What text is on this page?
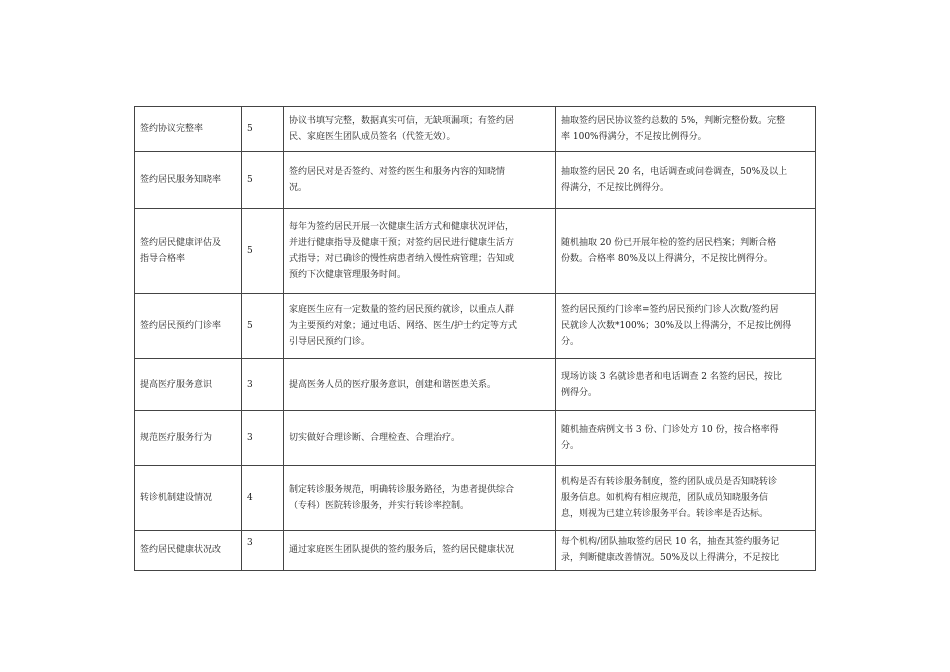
签约协议完整率	5	协议书填写完整，数据真实可信，无缺项漏项；有签约居
民、家庭医生团队成员签名（代签无效）。	抽取签约居民协议签约总数的 5%，判断完整份数。完整
率 100%得满分，不足按比例得分。

签约居民服务知晓率	5	签约居民对是否签约、对签约医生和服务内容的知晓情
况。	抽取签约居民 20 名，电话调查或问卷调查，50%及以上
得满分，不足按比例得分。

签约居民健康评估及
指导合格率	5	每年为签约居民开展一次健康生活方式和健康状况评估，
并进行健康指导及健康干预；对签约居民进行健康生活方
式指导；对已确诊的慢性病患者纳入慢性病管理；告知或
预约下次健康管理服务时间。	随机抽取 20 份已开展年检的签约居民档案；判断合格
份数。合格率 80%及以上得满分，不足按比例得分。

签约居民预约门诊率	5	家庭医生应有一定数量的签约居民预约就诊，以重点人群
为主要预约对象；通过电话、网络、医生/护士约定等方式
引导居民预约门诊。	签约居民预约门诊率=签约居民预约门诊人次数/签约居
民就诊人次数*100%；30%及以上得满分，不足按比例得
分。

提高医疗服务意识	3	提高医务人员的医疗服务意识，创建和谐医患关系。	现场访谈 3 名就诊患者和电话调查 2 名签约居民，按比
例得分。

规范医疗服务行为	3	切实做好合理诊断、合理检查、合理治疗。	随机抽查病例文书 3 份、门诊处方 10 份，按合格率得
分。

转诊机制建设情况	4	制定转诊服务规范，明确转诊服务路径，为患者提供综合
（专科）医院转诊服务，并实行转诊率控制。	机构是否有转诊服务制度，签约团队成员是否知晓转诊
服务信息。如机构有相应规范，团队成员知晓服务信
息，则视为已建立转诊服务平台。转诊率是否达标。

签约居民健康状况改	3	通过家庭医生团队提供的签约服务后，签约居民健康状况	每个机构/团队抽取签约居民 10 名，抽查其签约服务记
录，判断健康改善情况。50%及以上得满分，不足按比
